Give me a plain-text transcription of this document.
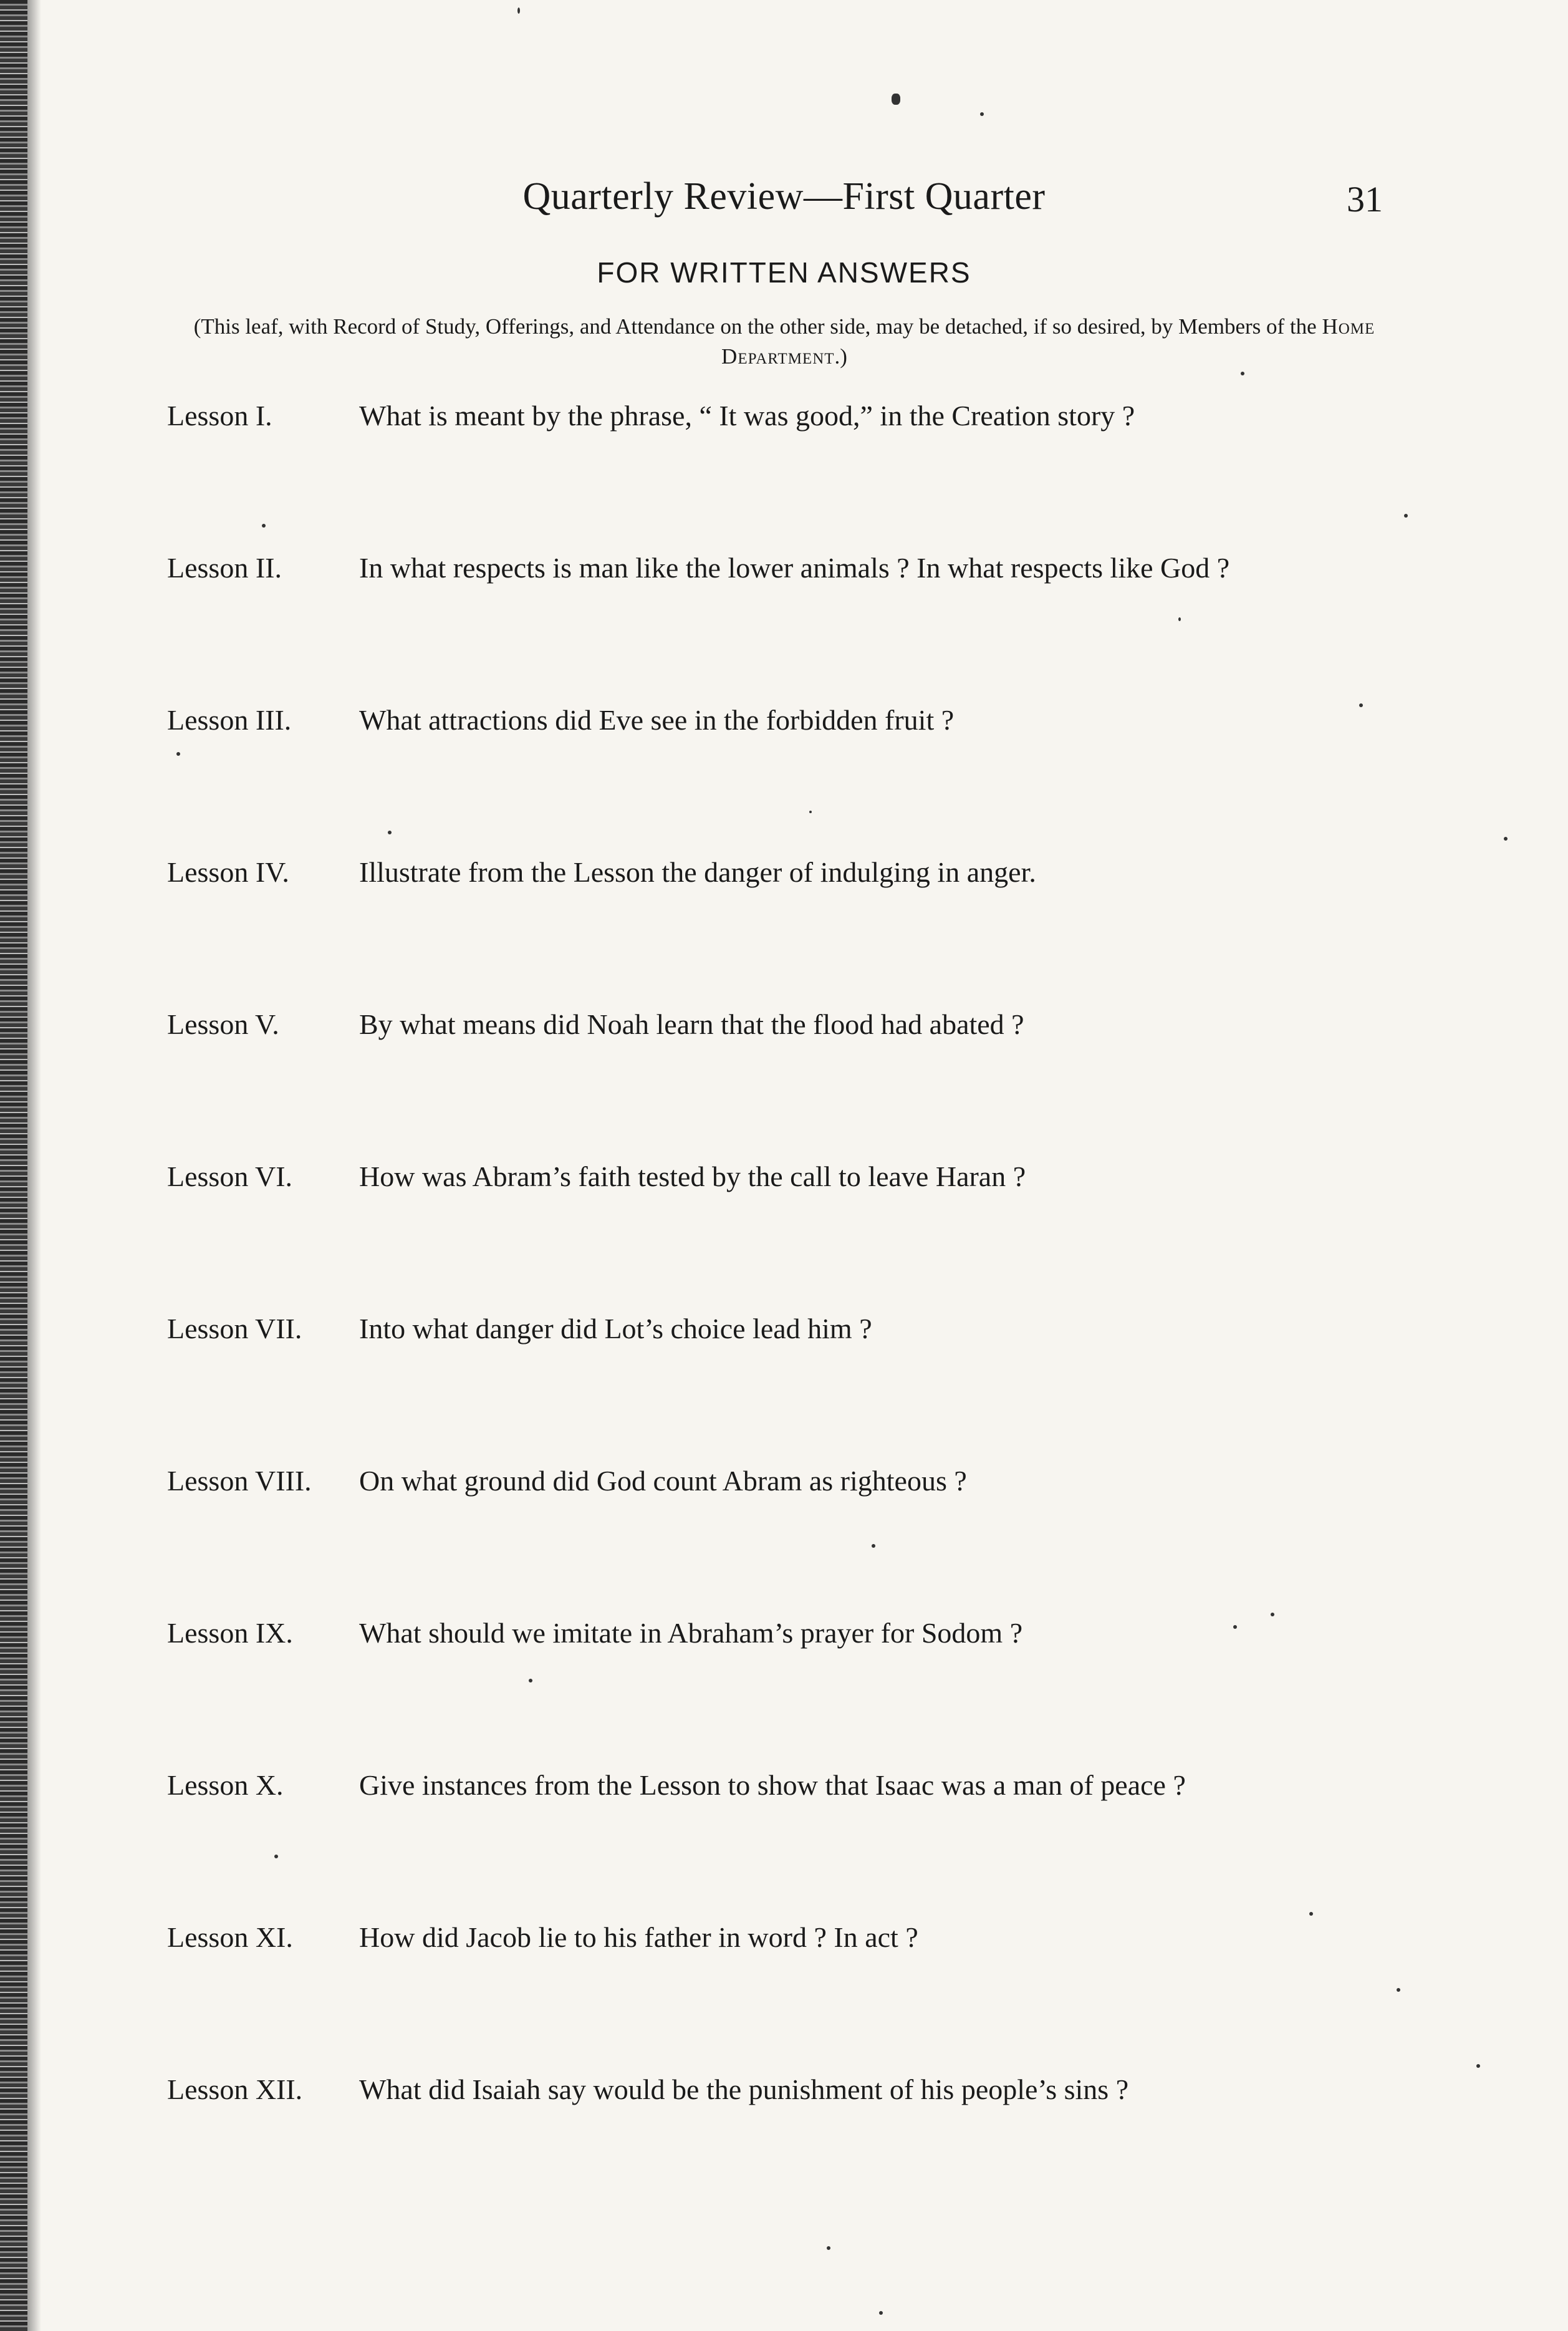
Quarterly Review—First Quarter	31
FOR WRITTEN ANSWERS
(This leaf, with Record of Study, Offerings, and Attendance on the other side, may be detached, if so desired, by Members of the Home Department.)
Lesson I.	What is meant by the phrase, “ It was good,” in the Creation story ?
Lesson II.	In what respects is man like the lower animals ? In what respects like God ?
Lesson III.	What attractions did Eve see in the forbidden fruit ?
Lesson IV.	Illustrate from the Lesson the danger of indulging in anger.
Lesson V.	By what means did Noah learn that the flood had abated ?
Lesson VI.	How was Abram’s faith tested by the call to leave Haran ?
Lesson VII.	Into what danger did Lot’s choice lead him ?
Lesson VIII.	On what ground did God count Abram as righteous ?
Lesson IX.	What should we imitate in Abraham’s prayer for Sodom ?
Lesson X.	Give instances from the Lesson to show that Isaac was a man of peace ?
Lesson XI.	How did Jacob lie to his father in word ? In act ?
Lesson XII.	What did Isaiah say would be the punishment of his people’s sins ?
